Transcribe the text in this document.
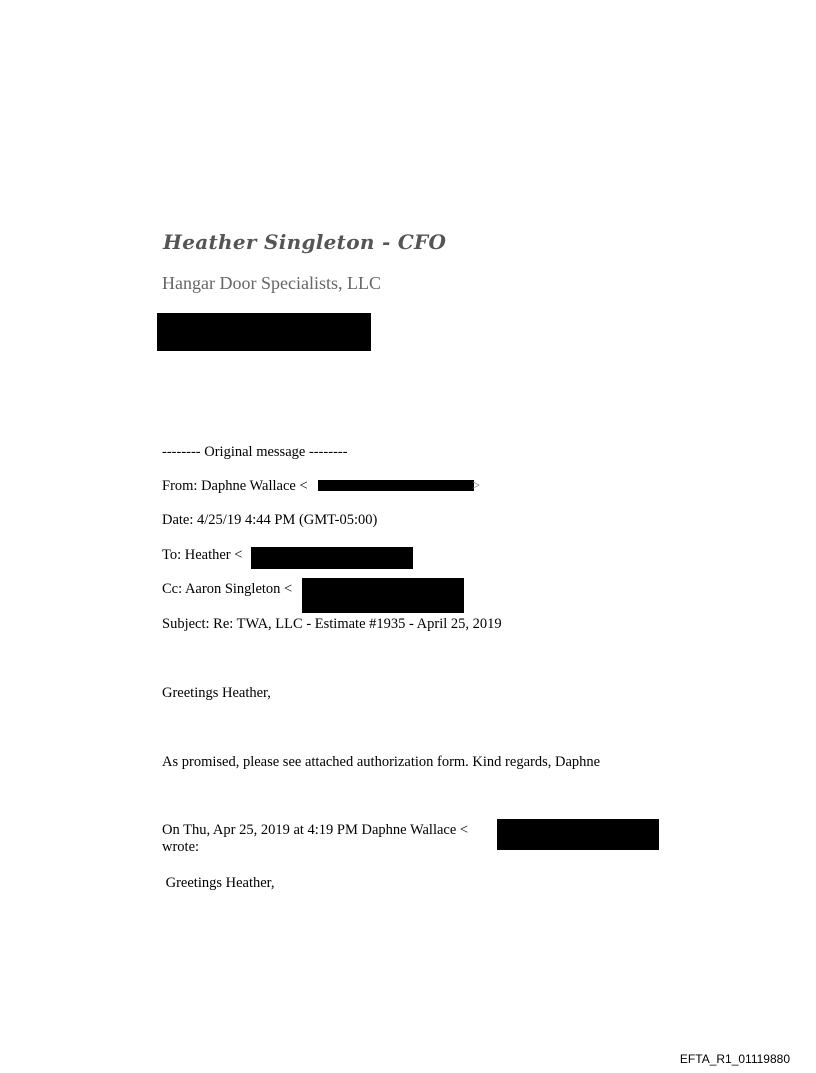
Heather Singleton - CFO
Hangar Door Specialists, LLC
-------- Original message --------
From: Daphne Wallace <	>
Date: 4/25/19 4:44 PM (GMT-05:00)
To: Heather <
Cc: Aaron Singleton <
Subject: Re: TWA, LLC - Estimate #1935 - April 25, 2019
Greetings Heather,
As promised, please see attached authorization form. Kind regards, Daphne
On Thu, Apr 25, 2019 at 4:19 PM Daphne Wallace <
wrote:
Greetings Heather,
EFTA_R1_01119880
